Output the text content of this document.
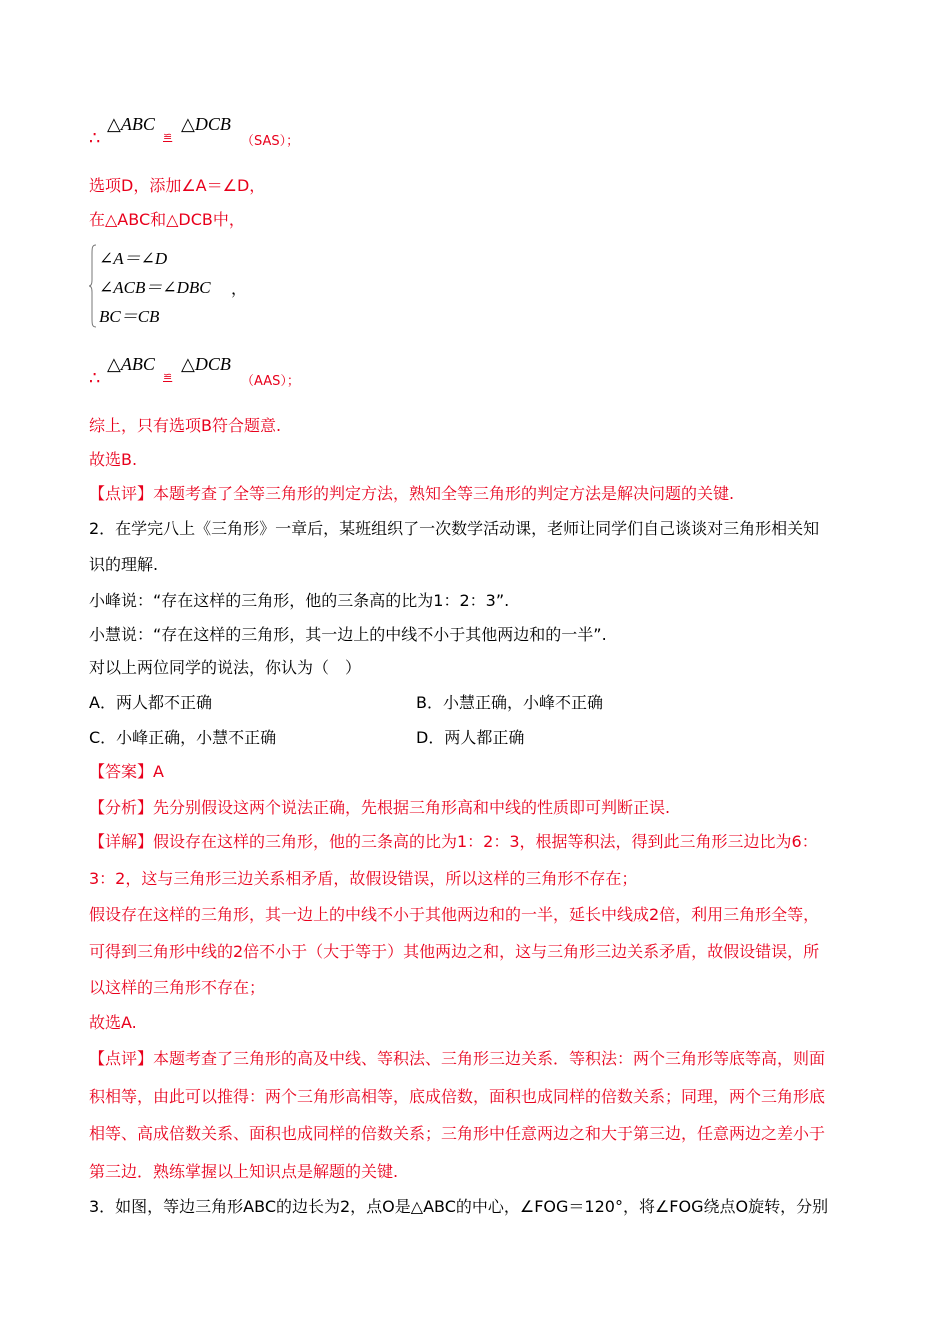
∴
△ABC
≌
△DCB
（SAS）；
选项D，添加∠A＝∠D，
在△ABC和△DCB中，
∠A＝∠D
∠ACB＝∠DBC
BC＝CB
，
∴
△ABC
≌
△DCB
（AAS）；
综上，只有选项B符合题意.
故选B.
【点评】本题考查了全等三角形的判定方法，熟知全等三角形的判定方法是解决问题的关键.
2．在学完八上《三角形》一章后，某班组织了一次数学活动课，老师让同学们自己谈谈对三角形相关知
识的理解.
小峰说：“存在这样的三角形，他的三条高的比为1：2：3”.
小慧说：“存在这样的三角形，其一边上的中线不小于其他两边和的一半”.
对以上两位同学的说法，你认为（　）
A．两人都不正确	B．小慧正确，小峰不正确
C．小峰正确，小慧不正确	D．两人都正确
【答案】A
【分析】先分别假设这两个说法正确，先根据三角形高和中线的性质即可判断正误.
【详解】假设存在这样的三角形，他的三条高的比为1：2：3，根据等积法，得到此三角形三边比为6：
3：2，这与三角形三边关系相矛盾，故假设错误，所以这样的三角形不存在；
假设存在这样的三角形，其一边上的中线不小于其他两边和的一半，延长中线成2倍，利用三角形全等，
可得到三角形中线的2倍不小于（大于等于）其他两边之和，这与三角形三边关系矛盾，故假设错误，所
以这样的三角形不存在；
故选A.
【点评】本题考查了三角形的高及中线、等积法、三角形三边关系．等积法：两个三角形等底等高，则面
积相等，由此可以推得：两个三角形高相等，底成倍数，面积也成同样的倍数关系；同理，两个三角形底
相等、高成倍数关系、面积也成同样的倍数关系；三角形中任意两边之和大于第三边，任意两边之差小于
第三边．熟练掌握以上知识点是解题的关键.
3．如图，等边三角形ABC的边长为2，点O是△ABC的中心，∠FOG＝120°，将∠FOG绕点O旋转，分别
